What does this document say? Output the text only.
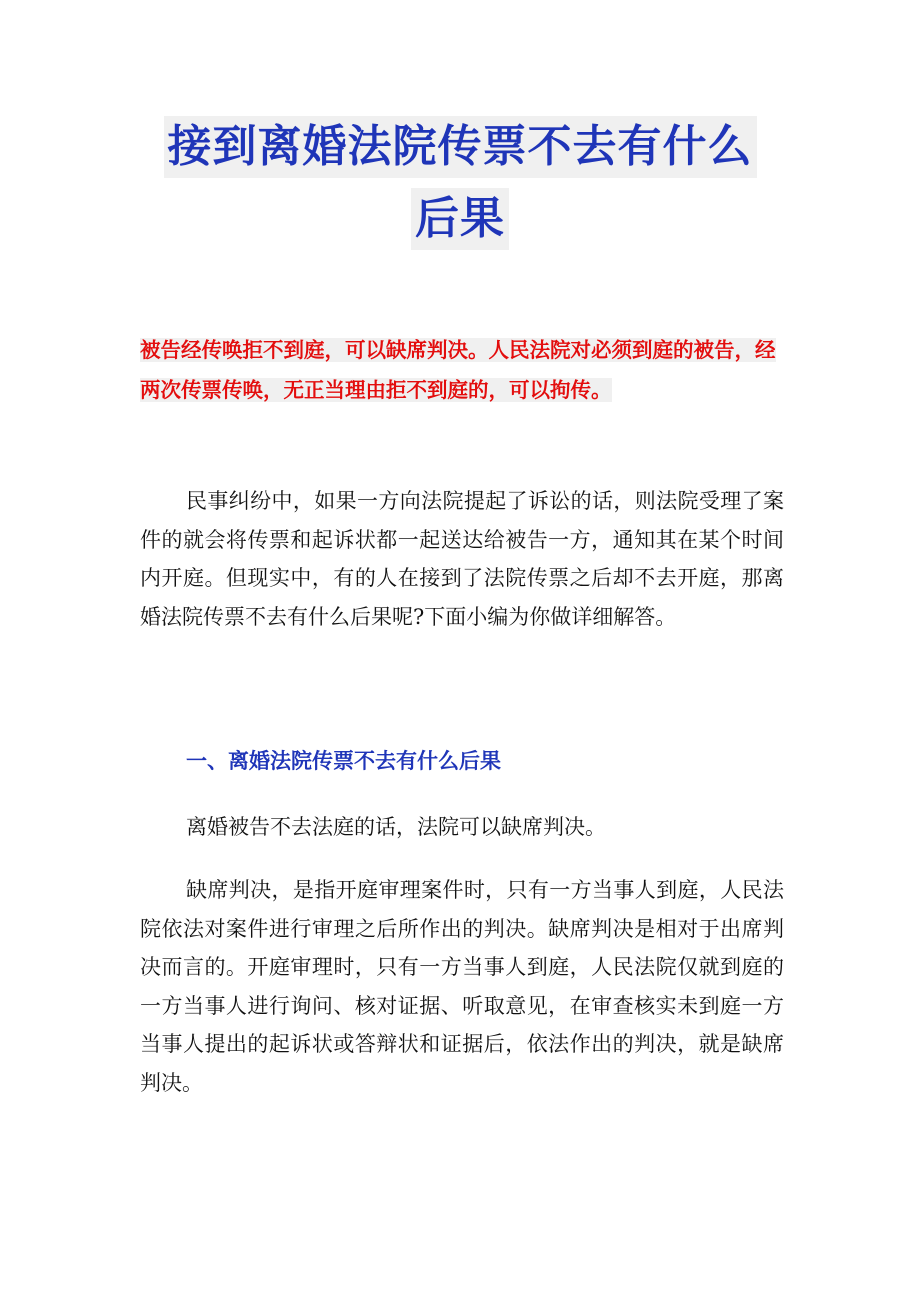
接到离婚法院传票不去有什么
后果
被告经传唤拒不到庭，可以缺席判决。人民法院对必须到庭的被告，经两次传票传唤，无正当理由拒不到庭的，可以拘传。

民事纠纷中，如果一方向法院提起了诉讼的话，则法院受理了案件的就会将传票和起诉状都一起送达给被告一方，通知其在某个时间内开庭。但现实中，有的人在接到了法院传票之后却不去开庭，那离婚法院传票不去有什么后果呢?下面小编为你做详细解答。

一、离婚法院传票不去有什么后果

离婚被告不去法庭的话，法院可以缺席判决。

缺席判决，是指开庭审理案件时，只有一方当事人到庭，人民法院依法对案件进行审理之后所作出的判决。缺席判决是相对于出席判决而言的。开庭审理时，只有一方当事人到庭，人民法院仅就到庭的一方当事人进行询问、核对证据、听取意见，在审查核实未到庭一方当事人提出的起诉状或答辩状和证据后，依法作出的判决，就是缺席判决。
